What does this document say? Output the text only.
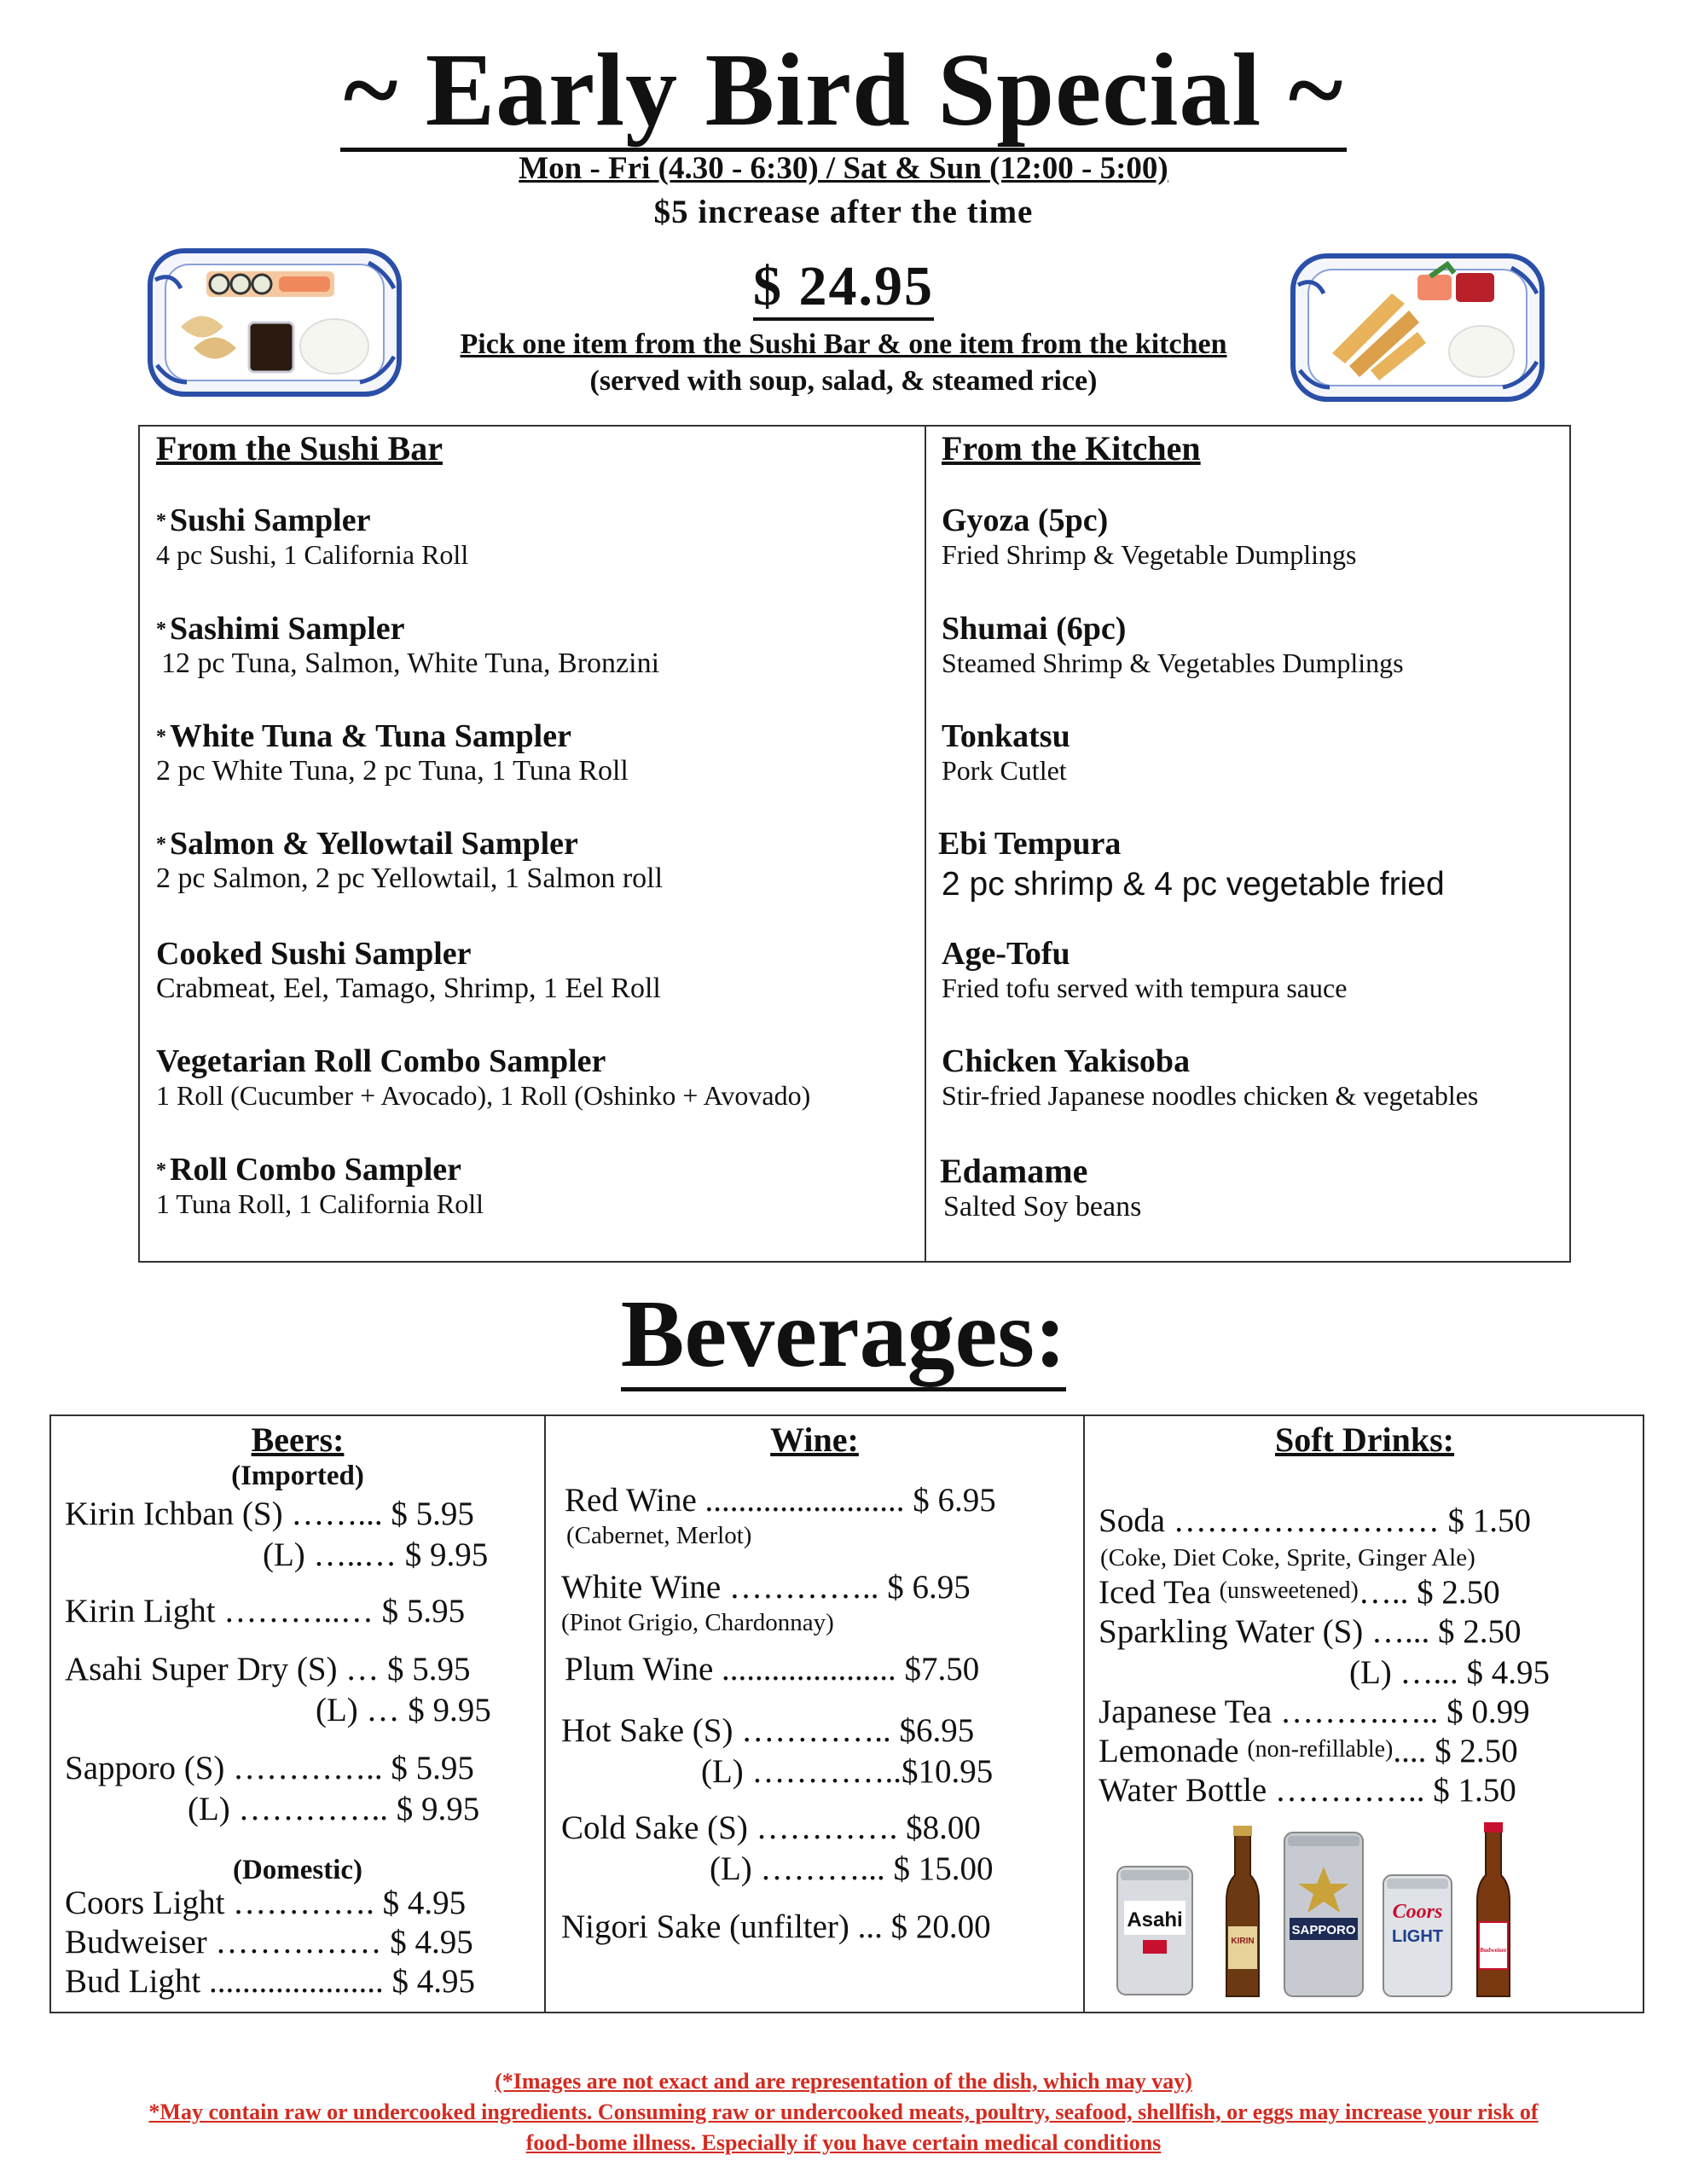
~ Early Bird Special ~
Mon - Fri (4.30 - 6:30) / Sat & Sun (12:00 - 5:00)
$5 increase after the time
$ 24.95
Pick one item from the Sushi Bar & one item from the kitchen
(served with soup, salad, & steamed rice)
From the Sushi Bar
* Sushi Sampler
4 pc Sushi, 1 California Roll
* Sashimi Sampler
12 pc Tuna, Salmon, White Tuna, Bronzini
* White Tuna & Tuna Sampler
2 pc White Tuna, 2 pc Tuna, 1 Tuna Roll
* Salmon & Yellowtail Sampler
2 pc Salmon, 2 pc Yellowtail, 1 Salmon roll
Cooked Sushi Sampler
Crabmeat, Eel, Tamago, Shrimp, 1 Eel Roll
Vegetarian Roll Combo Sampler
1 Roll (Cucumber + Avocado), 1 Roll (Oshinko + Avovado)
* Roll Combo Sampler
1 Tuna Roll, 1 California Roll
From the Kitchen
Gyoza (5pc)
Fried Shrimp & Vegetable Dumplings
Shumai (6pc)
Steamed Shrimp & Vegetables Dumplings
Tonkatsu
Pork Cutlet
Ebi Tempura
2 pc shrimp & 4 pc vegetable fried
Age-Tofu
Fried tofu served with tempura sauce
Chicken Yakisoba
Stir-fried Japanese noodles chicken & vegetables
Edamame
Salted Soy beans
Beverages:
Beers:
(Imported)
Kirin Ichban (S) ……... $ 5.95
(L) …..… $ 9.95
Kirin Light ………..… $ 5.95
Asahi Super Dry (S) … $ 5.95
(L) … $ 9.95
Sapporo (S) ………….. $ 5.95
(L) ………….. $ 9.95
(Domestic)
Coors Light …………. $ 4.95
Budweiser …………… $ 4.95
Bud Light ..................... $ 4.95
Wine:
Red Wine ........................ $ 6.95
(Cabernet, Merlot)
White Wine ………….. $ 6.95
(Pinot Grigio, Chardonnay)
Plum Wine ..................... $7.50
Hot Sake (S) ………….. $6.95
(L) …………..$10.95
Cold Sake (S) …………. $8.00
(L) ………... $ 15.00
Nigori Sake (unfilter) ... $ 20.00
Soft Drinks:
Soda …………………… $ 1.50
(Coke, Diet Coke, Sprite, Ginger Ale)
Iced Tea (unsweetened)….. $ 2.50
Sparkling Water (S) …... $ 2.50
(L) …... $ 4.95
Japanese Tea ……….….. $ 0.99
Lemonade (non-refillable).... $ 2.50
Water Bottle ………….. $ 1.50
Asahi
KIRIN
SAPPORO
Coors
LIGHT
Budweiser
(*Images are not exact and are representation of the dish, which may vay)
*May contain raw or undercooked ingredients. Consuming raw or undercooked meats, poultry, seafood, shellfish, or eggs may increase your risk of
food-bome illness. Especially if you have certain medical conditions
